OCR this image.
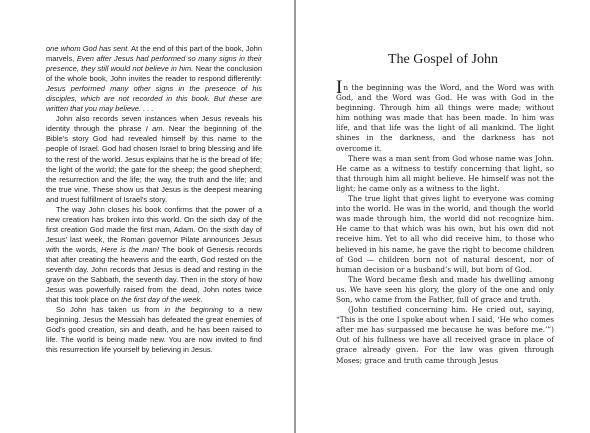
one whom God has sent. At the end of this part of the book, John marvels, Even after Jesus had performed so many signs in their presence, they still would not believe in him. Near the conclusion of the whole book, John invites the reader to respond differently: Jesus performed many other signs in the presence of his disciples, which are not recorded in this book. But these are written that you may believe. . . .

John also records seven instances when Jesus reveals his identity through the phrase I am. Near the beginning of the Bible’s story God had revealed himself by this name to the people of Israel. God had chosen Israel to bring blessing and life to the rest of the world. Jesus explains that he is the bread of life; the light of the world; the gate for the sheep; the good shepherd; the resurrection and the life; the way, the truth and the life; and the true vine. These show us that Jesus is the deepest meaning and truest fulfillment of Israel’s story.

The way John closes his book confirms that the power of a new creation has broken into this world. On the sixth day of the first creation God made the first man, Adam. On the sixth day of Jesus’ last week, the Roman governor Pilate announces Jesus with the words, Here is the man! The book of Genesis records that after creating the heavens and the earth, God rested on the seventh day. John records that Jesus is dead and resting in the grave on the Sabbath, the seventh day. Then in the story of how Jesus was powerfully raised from the dead, John notes twice that this took place on the first day of the week.

So John has taken us from in the beginning to a new beginning. Jesus the Messiah has defeated the great enemies of God’s good creation, sin and death, and he has been raised to life. The world is being made new. You are now invited to find this resurrection life yourself by believing in Jesus.

The Gospel of John

In the beginning was the Word, and the Word was with God, and the Word was God. He was with God in the beginning. Through him all things were made; without him nothing was made that has been made. In him was life, and that life was the light of all mankind. The light shines in the darkness, and the darkness has not overcome it.

There was a man sent from God whose name was John. He came as a witness to testify concerning that light, so that through him all might believe. He himself was not the light; he came only as a witness to the light.

The true light that gives light to everyone was coming into the world. He was in the world, and though the world was made through him, the world did not recognize him. He came to that which was his own, but his own did not receive him. Yet to all who did receive him, to those who believed in his name, he gave the right to become children of God — children born not of natural descent, nor of human decision or a husband’s will, but born of God.

The Word became flesh and made his dwelling among us. We have seen his glory, the glory of the one and only Son, who came from the Father, full of grace and truth.

(John testified concerning him. He cried out, saying, “This is the one I spoke about when I said, ‘He who comes after me has surpassed me because he was before me.’”) Out of his fullness we have all received grace in place of grace already given. For the law was given through Moses; grace and truth came through Jesus
